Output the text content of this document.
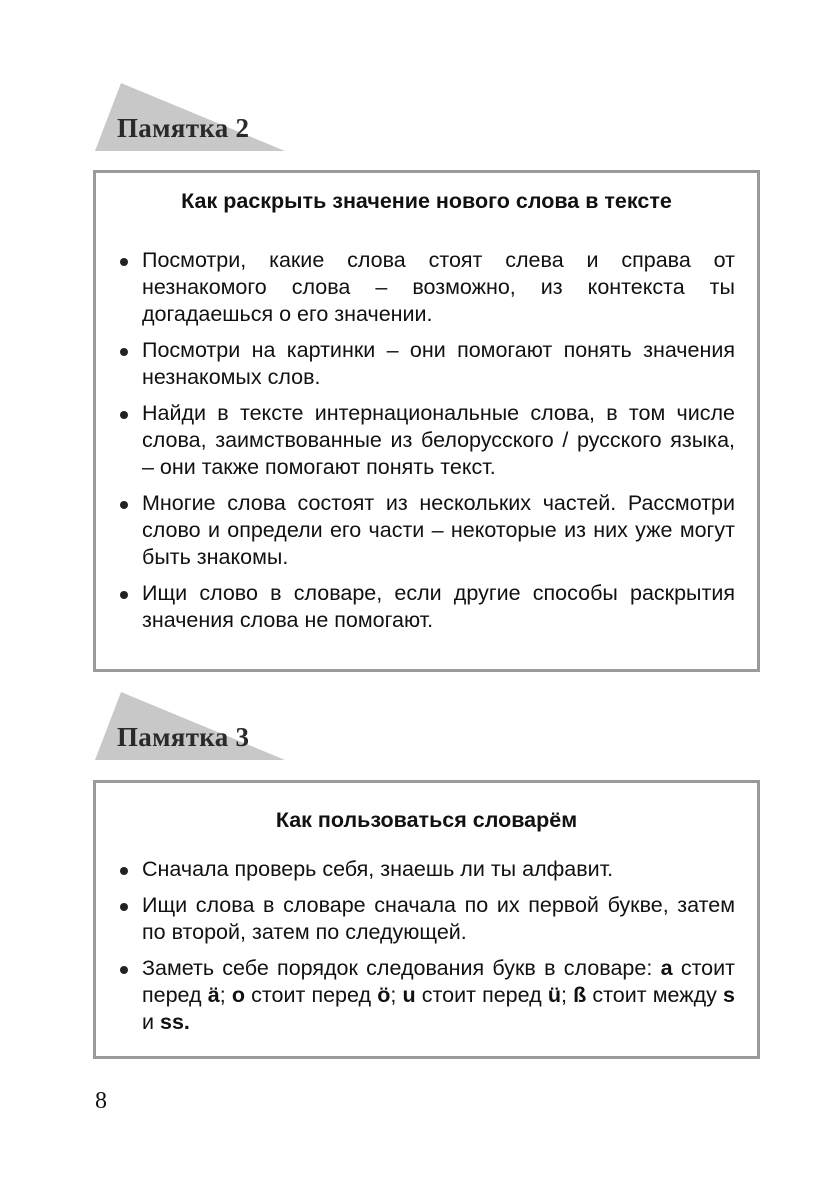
Памятка 2

Как раскрыть значение нового слова в тексте

Посмотри, какие слова стоят слева и справа от незнакомого слова – возможно, из контекста ты догадаешься о его значении.
Посмотри на картинки – они помогают понять значения незнакомых слов.
Найди в тексте интернациональные слова, в том числе слова, заимствованные из белорусского / русского языка, – они также помогают понять текст.
Многие слова состоят из нескольких частей. Рассмотри слово и определи его части – некоторые из них уже могут быть знакомы.
Ищи слово в словаре, если другие способы раскрытия значения слова не помогают.
Памятка 3

Как пользоваться словарём

Сначала проверь себя, знаешь ли ты алфавит.
Ищи слова в словаре сначала по их первой букве, затем по второй, затем по следующей.
Заметь себе порядок следования букв в словаре: a стоит перед ä; o стоит перед ö; u стоит перед ü; ß стоит между s и ss.
8
